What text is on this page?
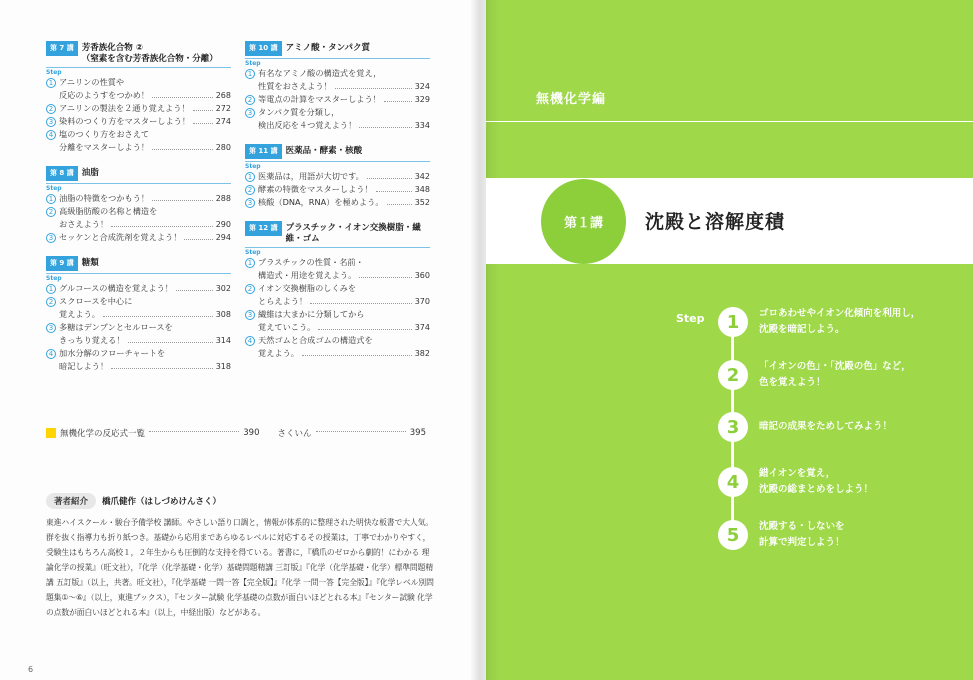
第 7 講 芳香族化合物 ②
（窒素を含む芳香族化合物・分離）
Step
1 アニリンの性質や
反応のようすをつかめ！	268
2 アニリンの製法を２通り覚えよう！	272
3 染料のつくり方をマスターしよう！	274
4 塩のつくり方をおさえて
分離をマスターしよう！	280
第 8 講 油脂
Step
1 油脂の特徴をつかもう！	288
2 高級脂肪酸の名称と構造を
おさえよう！	290
3 セッケンと合成洗剤を覚えよう！	294
第 9 講 糖類
Step
1 グルコースの構造を覚えよう！	302
2 スクロースを中心に
覚えよう。	308
3 多糖はデンプンとセルロースを
きっちり覚える！	314
4 加水分解のフローチャートを
暗記しよう！	318
第 10 講 アミノ酸・タンパク質
Step
1 有名なアミノ酸の構造式を覚え，
性質をおさえよう！	324
2 等電点の計算をマスターしよう！	329
3 タンパク質を分類し，
検出反応を４つ覚えよう！	334
第 11 講 医薬品・酵素・核酸
Step
1 医薬品は，用語が大切です。	342
2 酵素の特徴をマスターしよう！	348
3 核酸（DNA，RNA）を極めよう。	352
第 12 講 プラスチック・イオン交換樹脂・繊維・ゴム
Step
1 プラスチックの性質・名前・
構造式・用途を覚えよう。	360
2 イオン交換樹脂のしくみを
とらえよう！	370
3 繊維は大まかに分類してから
覚えていこう。	374
4 天然ゴムと合成ゴムの構造式を
覚えよう。	382
無機化学の反応式一覧	390 さくいん	395
著者紹介	橋爪健作（はしづめけんさく）
東進ハイスクール・駿台予備学校 講師。やさしい語り口調と，情報が体系的に整理された明快な板書で大人気。群を抜く指導力も折り紙つき。基礎から応用まであらゆるレベルに対応するその授業は，丁寧でわかりやすく，受験生はもちろん高校１，２年生からも圧倒的な支持を得ている。著書に，『橋爪のゼロから劇的！にわかる 理論化学の授業』（旺文社），『化学（化学基礎・化学）基礎問題精講 三訂版』『化学（化学基礎・化学）標準問題精講 五訂版』（以上，共著。旺文社），『化学基礎 一問一答【完全版】』『化学 一問一答【完全版】』『化学レベル別問題集①〜⑥』（以上，東進ブックス），『センター試験 化学基礎の点数が面白いほどとれる本』『センター試験 化学の点数が面白いほどとれる本』（以上，中経出版）などがある。
6

無機化学編
第１講	沈殿と溶解度積
Step	1	ゴロあわせやイオン化傾向を利用し，
沈殿を暗記しよう。
2	「イオンの色」・「沈殿の色」など，
色を覚えよう！
3	暗記の成果をためしてみよう！
4	錯イオンを覚え，
沈殿の総まとめをしよう！
5	沈殿する・しないを
計算で判定しよう！
